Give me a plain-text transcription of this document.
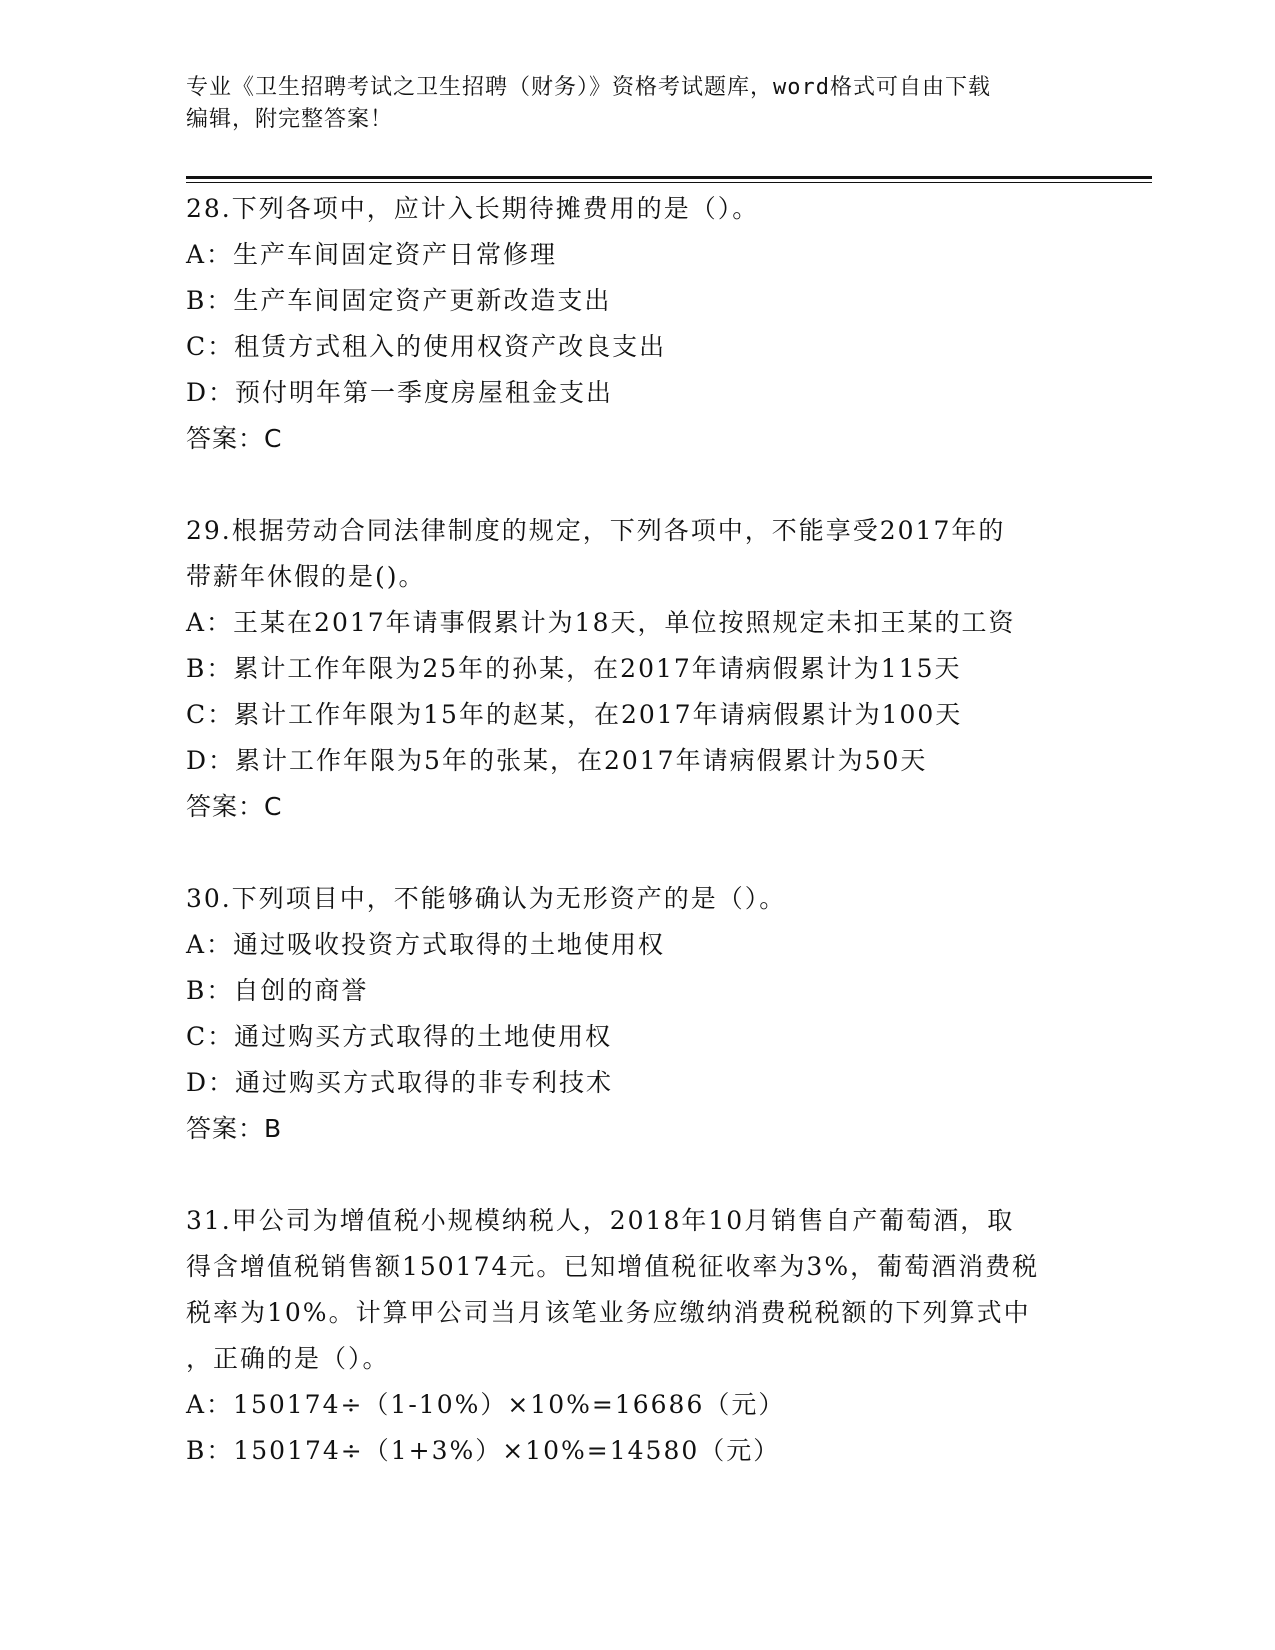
专业《卫生招聘考试之卫生招聘（财务）》资格考试题库，word格式可自由下载
编辑，附完整答案！
28.下列各项中，应计入长期待摊费用的是（）。
A：生产车间固定资产日常修理
B：生产车间固定资产更新改造支出
C：租赁方式租入的使用权资产改良支出
D：预付明年第一季度房屋租金支出
答案：C
29.根据劳动合同法律制度的规定，下列各项中，不能享受2017年的
带薪年休假的是()。
A：王某在2017年请事假累计为18天，单位按照规定未扣王某的工资
B：累计工作年限为25年的孙某，在2017年请病假累计为115天
C：累计工作年限为15年的赵某，在2017年请病假累计为100天
D：累计工作年限为5年的张某，在2017年请病假累计为50天
答案：C
30.下列项目中，不能够确认为无形资产的是（）。
A：通过吸收投资方式取得的土地使用权
B：自创的商誉
C：通过购买方式取得的土地使用权
D：通过购买方式取得的非专利技术
答案：B
31.甲公司为增值税小规模纳税人，2018年10月销售自产葡萄酒，取
得含增值税销售额150174元。已知增值税征收率为3%，葡萄酒消费税
税率为10%。计算甲公司当月该笔业务应缴纳消费税税额的下列算式中
，正确的是（）。
A：150174÷（1-10%）×10%=16686（元）
B：150174÷（1+3%）×10%=14580（元）
